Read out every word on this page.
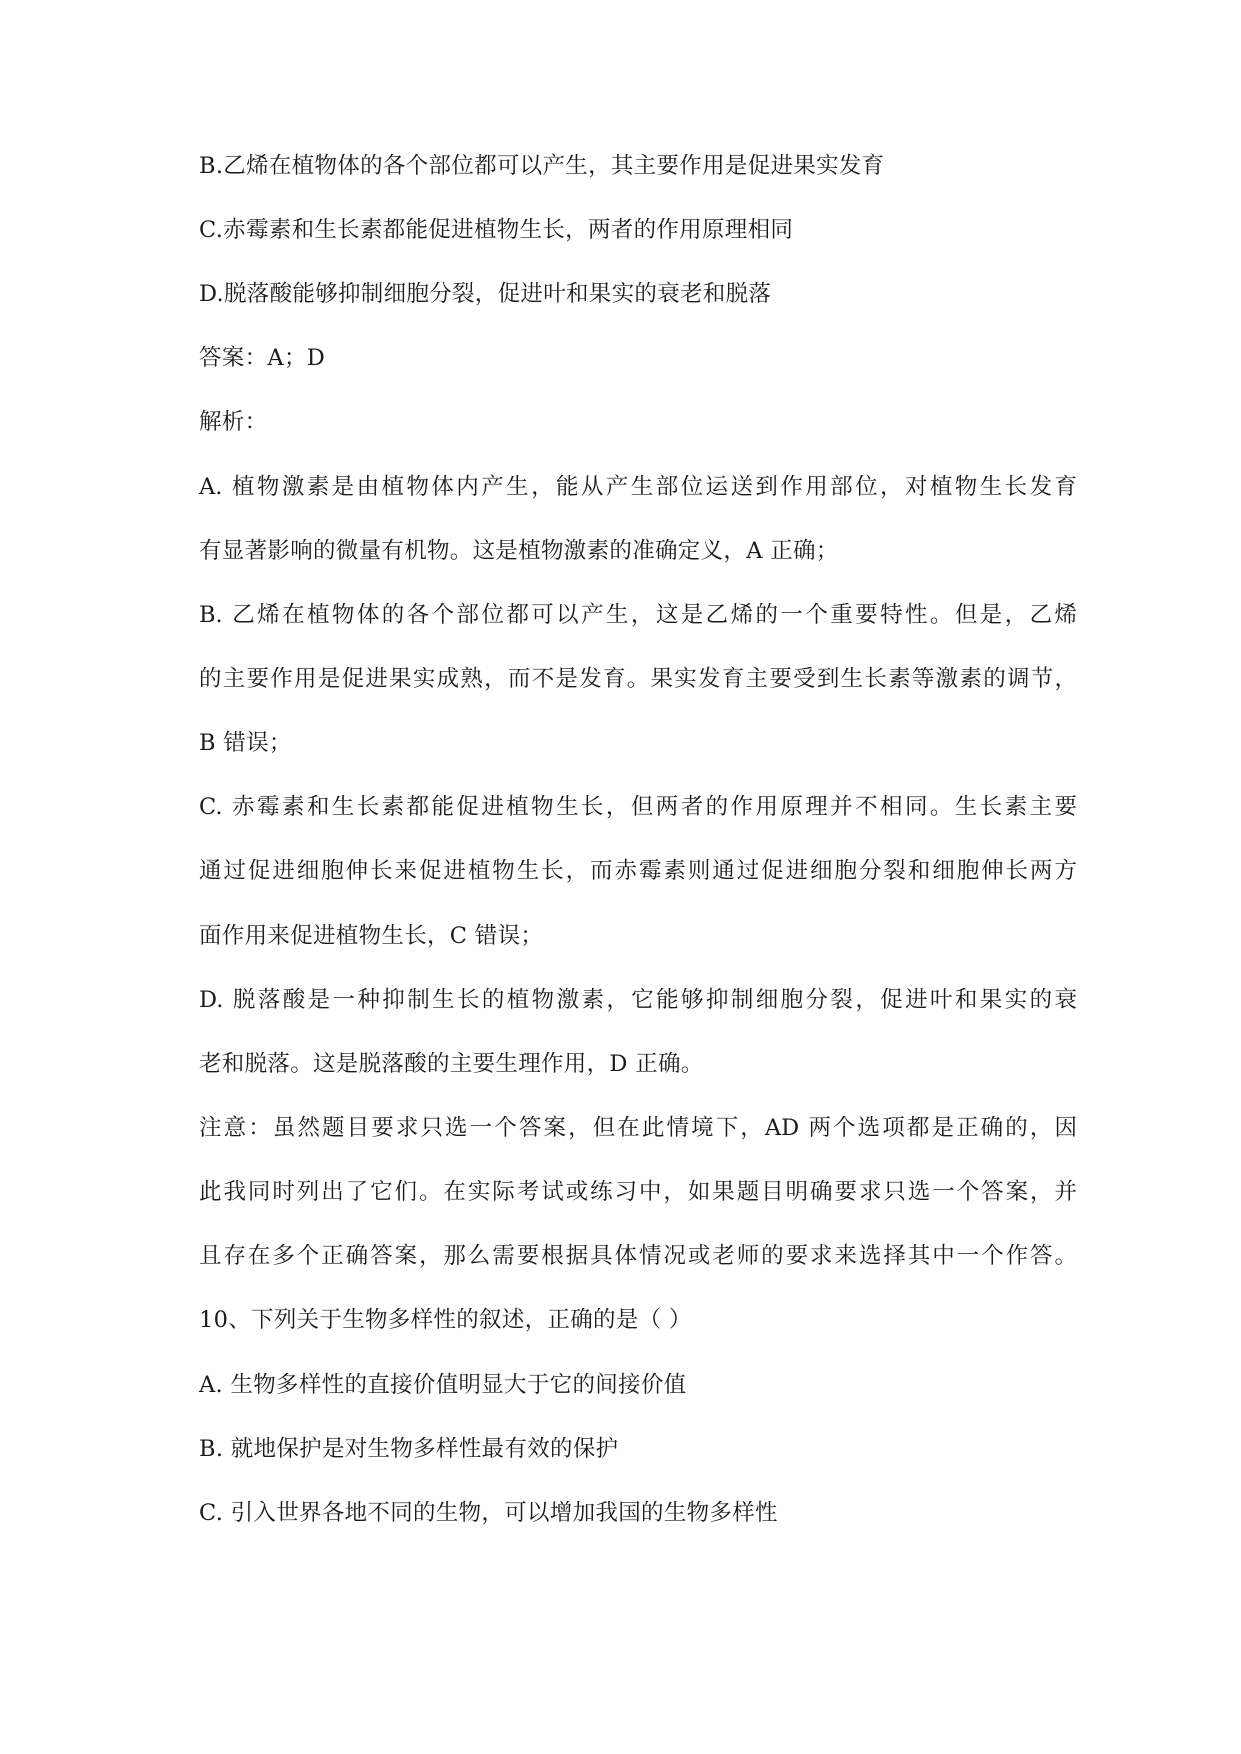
B.乙烯在植物体的各个部位都可以产生，其主要作用是促进果实发育
C.赤霉素和生长素都能促进植物生长，两者的作用原理相同
D.脱落酸能够抑制细胞分裂，促进叶和果实的衰老和脱落
答案：A；D
解析：
A. 植物激素是由植物体内产生，能从产生部位运送到作用部位，对植物生长发育
有显著影响的微量有机物。这是植物激素的准确定义，A 正确；
B. 乙烯在植物体的各个部位都可以产生，这是乙烯的一个重要特性。但是，乙烯
的主要作用是促进果实成熟，而不是发育。果实发育主要受到生长素等激素的调节，
B 错误；
C. 赤霉素和生长素都能促进植物生长，但两者的作用原理并不相同。生长素主要
通过促进细胞伸长来促进植物生长，而赤霉素则通过促进细胞分裂和细胞伸长两方
面作用来促进植物生长，C 错误；
D. 脱落酸是一种抑制生长的植物激素，它能够抑制细胞分裂，促进叶和果实的衰
老和脱落。这是脱落酸的主要生理作用，D 正确。
注意：虽然题目要求只选一个答案，但在此情境下，AD 两个选项都是正确的，因
此我同时列出了它们。在实际考试或练习中，如果题目明确要求只选一个答案，并
且存在多个正确答案，那么需要根据具体情况或老师的要求来选择其中一个作答。
10、下列关于生物多样性的叙述，正确的是（ ）
A. 生物多样性的直接价值明显大于它的间接价值
B. 就地保护是对生物多样性最有效的保护
C. 引入世界各地不同的生物，可以增加我国的生物多样性
